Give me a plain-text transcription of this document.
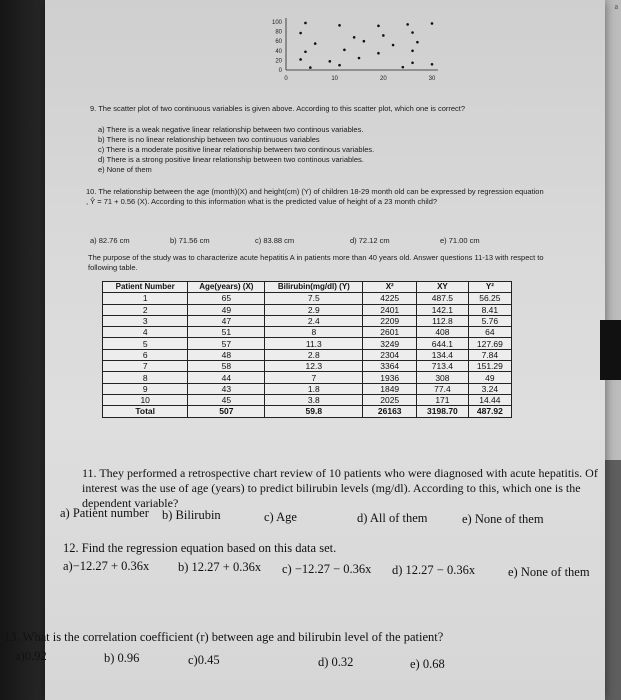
a
100
80
60
40
20
0
0	10	20	30
9. The scatter plot of two continuous variables is given above. According to this scatter plot, which one is correct?
a) There is a weak negative linear relationship between two continous variables.
b) There is no linear relationship between two continuous variables
c) There is a moderate positive linear relationship between two continous variables.
d) There is a strong positive linear relationship between two continous variables.
e) None of them
10. The relationship between the age (month)(X) and height(cm) (Y) of children 18-29 month old can be expressed by regression equation , Ŷ = 71 + 0.56 (X). According to this information what is the predicted value of height of a 23 month child?
a) 82.76 cm	b) 71.56 cm	c) 83.88 cm	d) 72.12 cm	e) 71.00 cm
The purpose of the study was to characterize acute hepatitis A in patients more than 40 years old. Answer questions 11-13 with respect to following table.
Patient Number	Age(years) (X)	Bilirubin(mg/dl) (Y)	X²	XY	Y²
1	65	7.5	4225	487.5	56.25
2	49	2.9	2401	142.1	8.41
3	47	2.4	2209	112.8	5.76
4	51	8	2601	408	64
5	57	11.3	3249	644.1	127.69
6	48	2.8	2304	134.4	7.84
7	58	12.3	3364	713.4	151.29
8	44	7	1936	308	49
9	43	1.8	1849	77.4	3.24
10	45	3.8	2025	171	14.44
Total	507	59.8	26163	3198.70	487.92
11. They performed a retrospective chart review of 10 patients who were diagnosed with acute hepatitis. Of interest was the use of age (years) to predict bilirubin levels (mg/dl). According to this, which one is the dependent variable?
a) Patient number b) Bilirubin	c) Age	d) All of them	e) None of them
12. Find the regression equation based on this data set.
a)−12.27 + 0.36x b) 12.27 + 0.36x c) −12.27 − 0.36x d) 12.27 − 0.36x	e) None of them
13. What is the correlation coefficient (r) between age and bilirubin level of the patient?
a)0.92	b) 0.96	c)0.45	d) 0.32	e) 0.68
